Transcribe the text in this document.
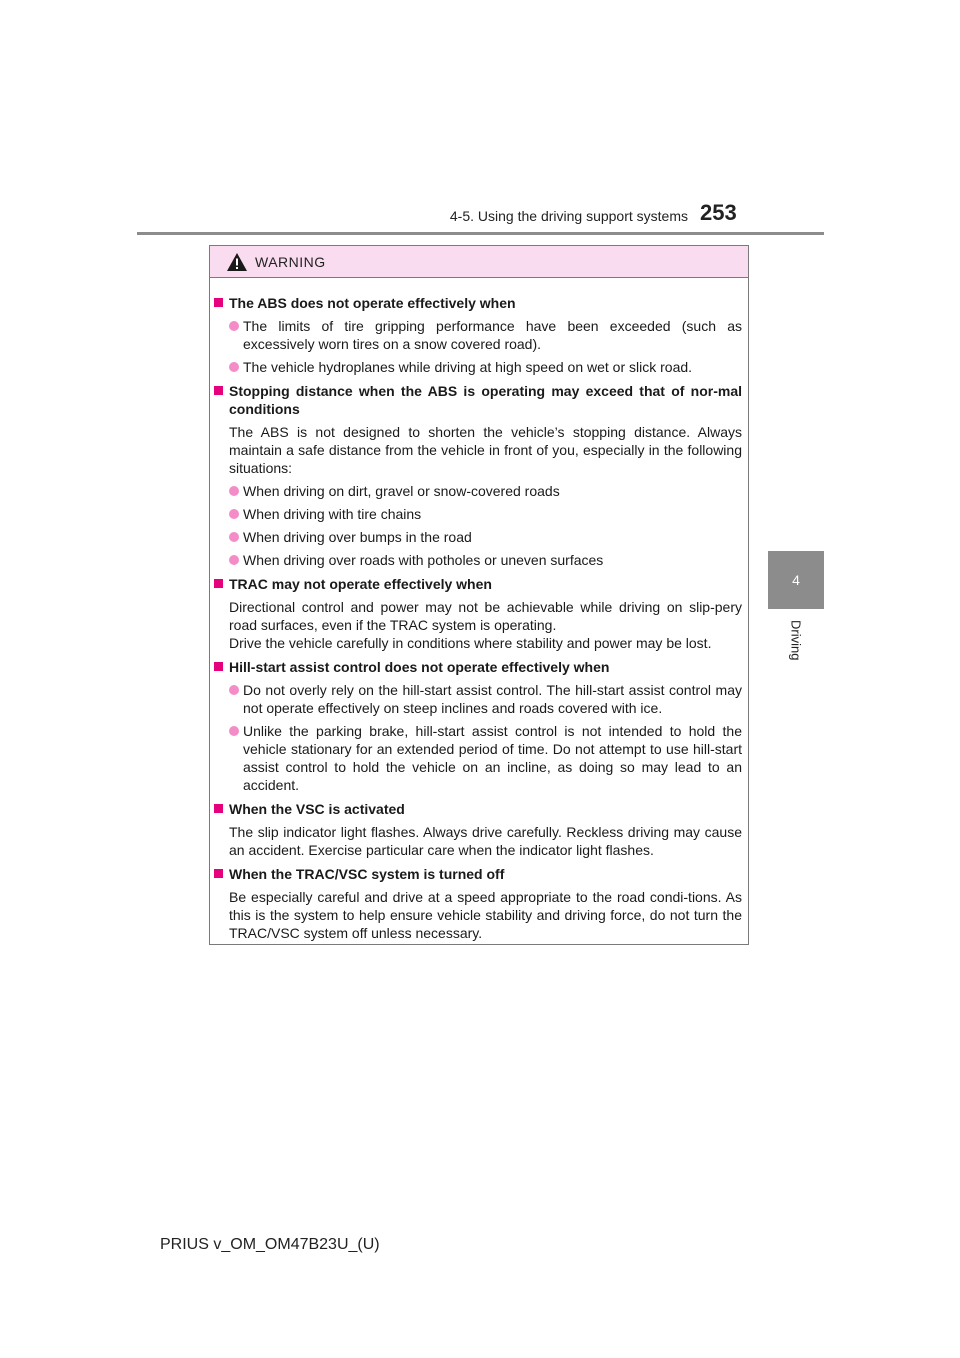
4-5. Using the driving support systems 253
4
Driving
WARNING
The ABS does not operate effectively when
The limits of tire gripping performance have been exceeded (such as excessively worn tires on a snow covered road).
The vehicle hydroplanes while driving at high speed on wet or slick road.
Stopping distance when the ABS is operating may exceed that of nor-mal conditions
The ABS is not designed to shorten the vehicle’s stopping distance. Always maintain a safe distance from the vehicle in front of you, especially in the following situations:
When driving on dirt, gravel or snow-covered roads
When driving with tire chains
When driving over bumps in the road
When driving over roads with potholes or uneven surfaces
TRAC may not operate effectively when
Directional control and power may not be achievable while driving on slip-pery road surfaces, even if the TRAC system is operating.
Drive the vehicle carefully in conditions where stability and power may be lost.
Hill-start assist control does not operate effectively when
Do not overly rely on the hill-start assist control. The hill-start assist control may not operate effectively on steep inclines and roads covered with ice.
Unlike the parking brake, hill-start assist control is not intended to hold the vehicle stationary for an extended period of time. Do not attempt to use hill-start assist control to hold the vehicle on an incline, as doing so may lead to an accident.
When the VSC is activated
The slip indicator light flashes. Always drive carefully. Reckless driving may cause an accident. Exercise particular care when the indicator light flashes.
When the TRAC/VSC system is turned off
Be especially careful and drive at a speed appropriate to the road condi-tions. As this is the system to help ensure vehicle stability and driving force, do not turn the TRAC/VSC system off unless necessary.
PRIUS v_OM_OM47B23U_(U)
